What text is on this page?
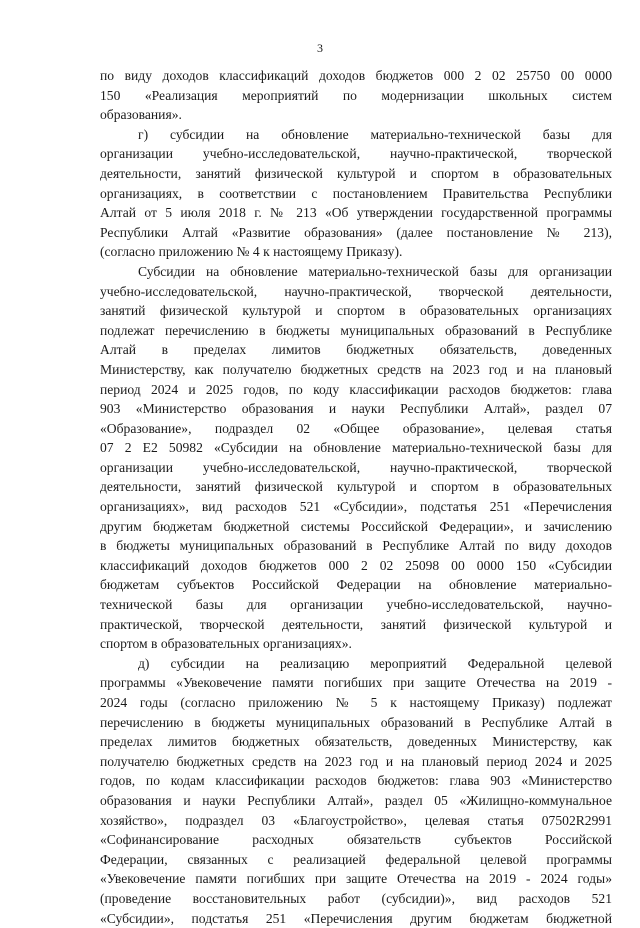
3
по виду доходов классификаций доходов бюджетов 000 2 02 25750 00 0000
150 «Реализация мероприятий по модернизации школьных систем
образования».
г) субсидии на обновление материально-технической базы для
организации учебно-исследовательской, научно-практической, творческой
деятельности, занятий физической культурой и спортом в образовательных
организациях, в соответствии с постановлением Правительства Республики
Алтай от 5 июля 2018 г. № 213 «Об утверждении государственной программы
Республики Алтай «Развитие образования» (далее постановление № 213),
(согласно приложению № 4 к настоящему Приказу).
Субсидии на обновление материально-технической базы для организации
учебно-исследовательской, научно-практической, творческой деятельности,
занятий физической культурой и спортом в образовательных организациях
подлежат перечислению в бюджеты муниципальных образований в Республике
Алтай в пределах лимитов бюджетных обязательств, доведенных
Министерству, как получателю бюджетных средств на 2023 год и на плановый
период 2024 и 2025 годов, по коду классификации расходов бюджетов: глава
903 «Министерство образования и науки Республики Алтай», раздел 07
«Образование», подраздел 02 «Общее образование», целевая статья
07 2 Е2 50982 «Субсидии на обновление материально-технической базы для
организации учебно-исследовательской, научно-практической, творческой
деятельности, занятий физической культурой и спортом в образовательных
организациях», вид расходов 521 «Субсидии», подстатья 251 «Перечисления
другим бюджетам бюджетной системы Российской Федерации», и зачислению
в бюджеты муниципальных образований в Республике Алтай по виду доходов
классификаций доходов бюджетов 000 2 02 25098 00 0000 150 «Субсидии
бюджетам субъектов Российской Федерации на обновление материально-
технической базы для организации учебно-исследовательской, научно-
практической, творческой деятельности, занятий физической культурой и
спортом в образовательных организациях».
д) субсидии на реализацию мероприятий Федеральной целевой
программы «Увековечение памяти погибших при защите Отечества на 2019 -
2024 годы (согласно приложению № 5 к настоящему Приказу) подлежат
перечислению в бюджеты муниципальных образований в Республике Алтай в
пределах лимитов бюджетных обязательств, доведенных Министерству, как
получателю бюджетных средств на 2023 год и на плановый период 2024 и 2025
годов, по кодам классификации расходов бюджетов: глава 903 «Министерство
образования и науки Республики Алтай», раздел 05 «Жилищно-коммунальное
хозяйство», подраздел 03 «Благоустройство», целевая статья 07502R2991
«Софинансирование расходных обязательств субъектов Российской
Федерации, связанных с реализацией федеральной целевой программы
«Увековечение памяти погибших при защите Отечества на 2019 - 2024 годы»
(проведение восстановительных работ (субсидии)», вид расходов 521
«Субсидии», подстатья 251 «Перечисления другим бюджетам бюджетной
